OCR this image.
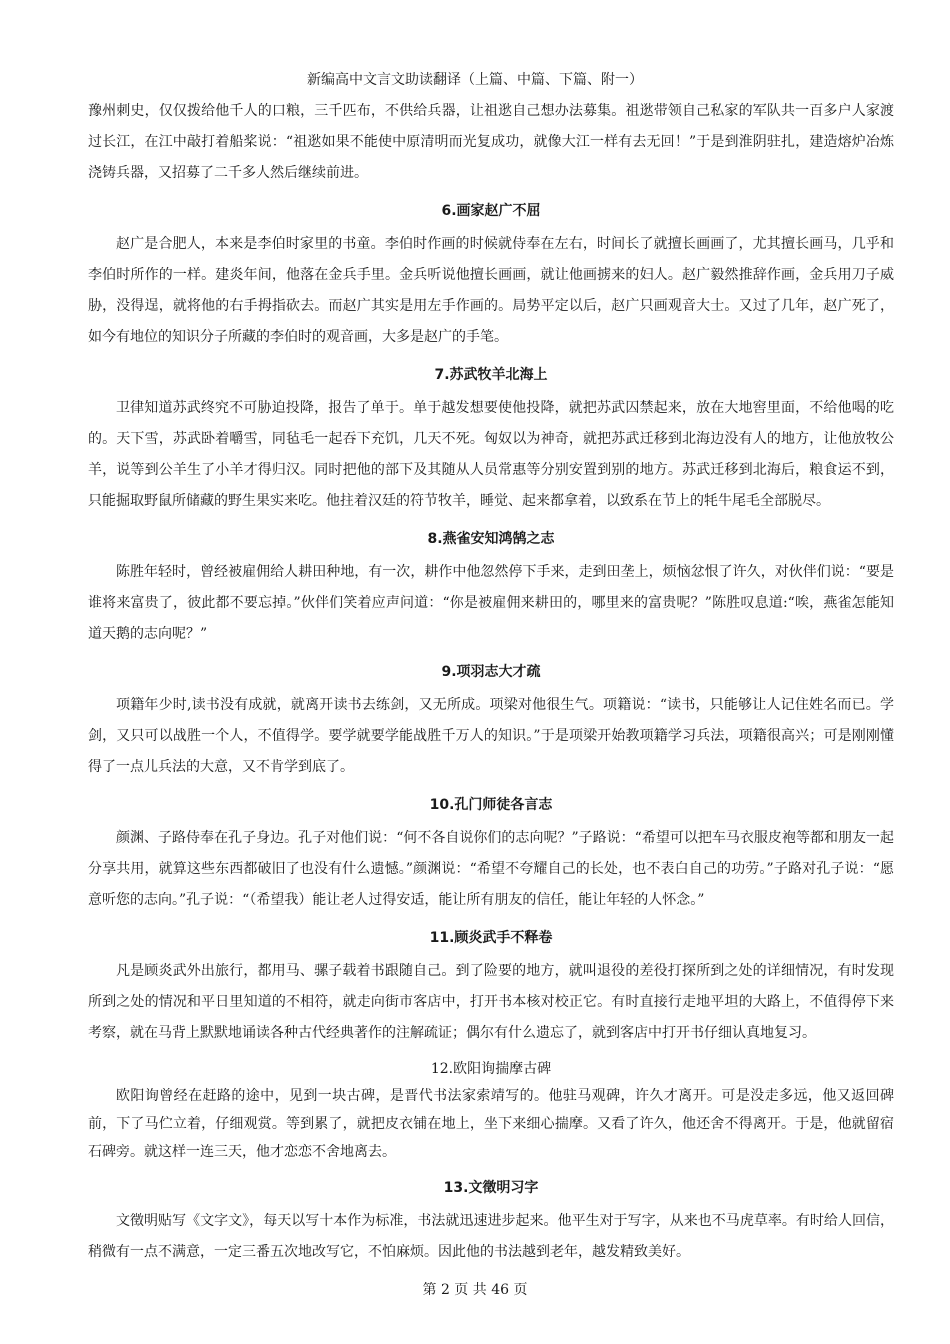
新编高中文言文助读翻译（上篇、中篇、下篇、附一）

豫州刺史，仅仅拨给他千人的口粮，三千匹布，不供给兵器，让祖逖自己想办法募集。祖逖带领自己私家的军队共一百多户人家渡过长江，在江中敲打着船桨说：“祖逖如果不能使中原清明而光复成功，就像大江一样有去无回！”于是到淮阴驻扎，建造熔炉冶炼浇铸兵器，又招募了二千多人然后继续前进。

6.画家赵广不屈

赵广是合肥人，本来是李伯时家里的书童。李伯时作画的时候就侍奉在左右，时间长了就擅长画画了，尤其擅长画马，几乎和李伯时所作的一样。建炎年间，他落在金兵手里。金兵听说他擅长画画，就让他画掳来的妇人。赵广毅然推辞作画，金兵用刀子威胁，没得逞，就将他的右手拇指砍去。而赵广其实是用左手作画的。局势平定以后，赵广只画观音大士。又过了几年，赵广死了，如今有地位的知识分子所藏的李伯时的观音画，大多是赵广的手笔。

7.苏武牧羊北海上

卫律知道苏武终究不可胁迫投降，报告了单于。单于越发想要使他投降，就把苏武囚禁起来，放在大地窖里面，不给他喝的吃的。天下雪，苏武卧着嚼雪，同毡毛一起吞下充饥，几天不死。匈奴以为神奇，就把苏武迁移到北海边没有人的地方，让他放牧公羊，说等到公羊生了小羊才得归汉。同时把他的部下及其随从人员常惠等分别安置到别的地方。苏武迁移到北海后，粮食运不到，只能掘取野鼠所储藏的野生果实来吃。他拄着汉廷的符节牧羊，睡觉、起来都拿着，以致系在节上的牦牛尾毛全部脱尽。

8.燕雀安知鸿鹄之志

陈胜年轻时，曾经被雇佣给人耕田种地，有一次，耕作中他忽然停下手来，走到田垄上，烦恼忿恨了许久，对伙伴们说：“要是谁将来富贵了，彼此都不要忘掉。”伙伴们笑着应声问道：“你是被雇佣来耕田的，哪里来的富贵呢？”陈胜叹息道:“唉，燕雀怎能知道天鹅的志向呢？”

9.项羽志大才疏

项籍年少时,读书没有成就，就离开读书去练剑，又无所成。项梁对他很生气。项籍说：“读书，只能够让人记住姓名而已。学剑，又只可以战胜一个人，不值得学。要学就要学能战胜千万人的知识。”于是项梁开始教项籍学习兵法，项籍很高兴；可是刚刚懂得了一点儿兵法的大意，又不肯学到底了。

10.孔门师徒各言志

颜渊、子路侍奉在孔子身边。孔子对他们说：“何不各自说你们的志向呢？”子路说：“希望可以把车马衣服皮袍等都和朋友一起分享共用，就算这些东西都破旧了也没有什么遗憾。”颜渊说：“希望不夸耀自己的长处，也不表白自己的功劳。”子路对孔子说：“愿意听您的志向。”孔子说：“（希望我）能让老人过得安适，能让所有朋友的信任，能让年轻的人怀念。”

11.顾炎武手不释卷

凡是顾炎武外出旅行，都用马、骡子载着书跟随自己。到了险要的地方，就叫退役的差役打探所到之处的详细情况，有时发现所到之处的情况和平日里知道的不相符，就走向街市客店中，打开书本核对校正它。有时直接行走地平坦的大路上，不值得停下来考察，就在马背上默默地诵读各种古代经典著作的注解疏证；偶尔有什么遗忘了，就到客店中打开书仔细认真地复习。

12.欧阳询揣摩古碑

欧阳询曾经在赶路的途中，见到一块古碑，是晋代书法家索靖写的。他驻马观碑，许久才离开。可是没走多远，他又返回碑前，下了马伫立着，仔细观赏。等到累了，就把皮衣铺在地上，坐下来细心揣摩。又看了许久，他还舍不得离开。于是，他就留宿石碑旁。就这样一连三天，他才恋恋不舍地离去。

13.文徵明习字

文徵明贴写《文字文》，每天以写十本作为标准，书法就迅速进步起来。他平生对于写字，从来也不马虎草率。有时给人回信，稍微有一点不满意，一定三番五次地改写它，不怕麻烦。因此他的书法越到老年，越发精致美好。

第 2 页 共 46 页
